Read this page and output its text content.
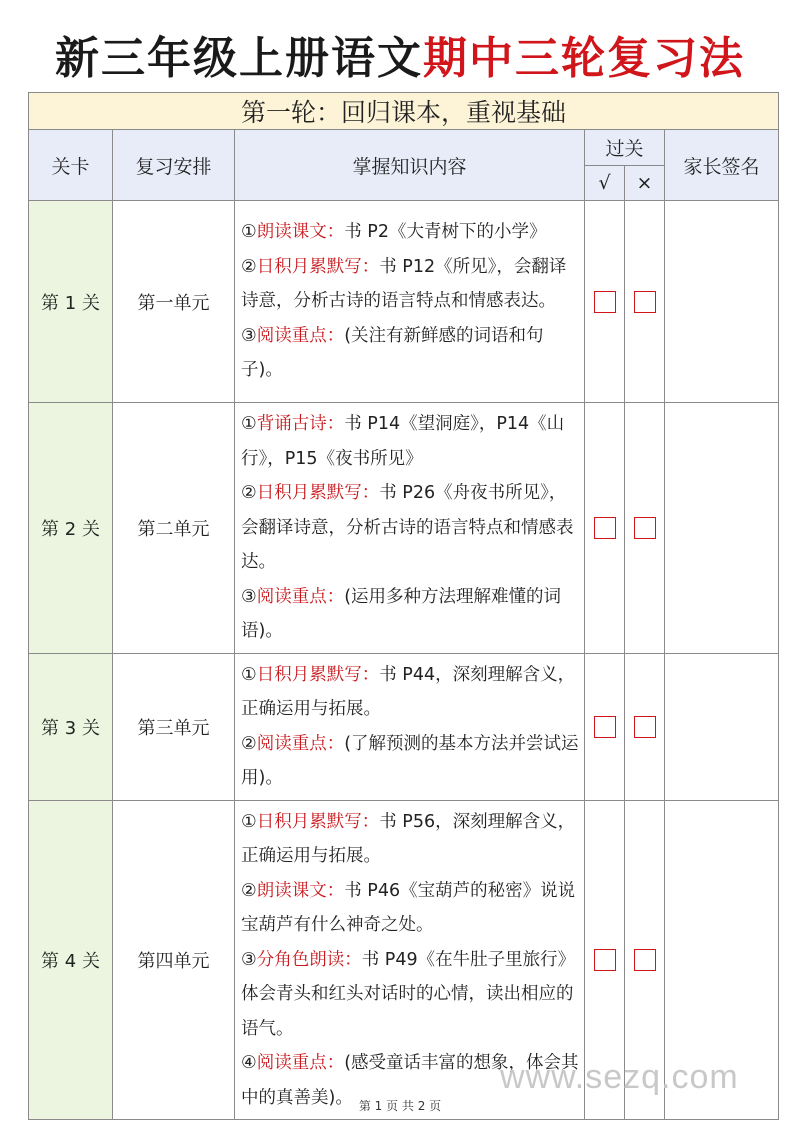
新三年级上册语文期中三轮复习法
第一轮：回归课本，重视基础					
关卡	复习安排	掌握知识内容	过关		家长签名
			√	×	
第 1 关	第一单元	①朗读课文：书 P2《大青树下的小学》

②日积月累默写：书 P12《所见》，会翻译诗意，分析古诗的语言特点和情感表达。

③阅读重点：(关注有新鲜感的词语和句子)。			

第 2 关	第二单元	①背诵古诗：书 P14《望洞庭》，P14《山行》，P15《夜书所见》

②日积月累默写：书 P26《舟夜书所见》，会翻译诗意，分析古诗的语言特点和情感表达。

③阅读重点：(运用多种方法理解难懂的词语)。			

第 3 关	第三单元	①日积月累默写：书 P44，深刻理解含义，正确运用与拓展。

②阅读重点：(了解预测的基本方法并尝试运用)。			

第 4 关	第四单元	①日积月累默写：书 P56，深刻理解含义，正确运用与拓展。

②朗读课文：书 P46《宝葫芦的秘密》说说宝葫芦有什么神奇之处。

③分角色朗读：书 P49《在牛肚子里旅行》体会青头和红头对话时的心情，读出相应的语气。

④阅读重点：(感受童话丰富的想象，体会其中的真善美)。			

www.sezq.com
第 1 页 共 2 页
